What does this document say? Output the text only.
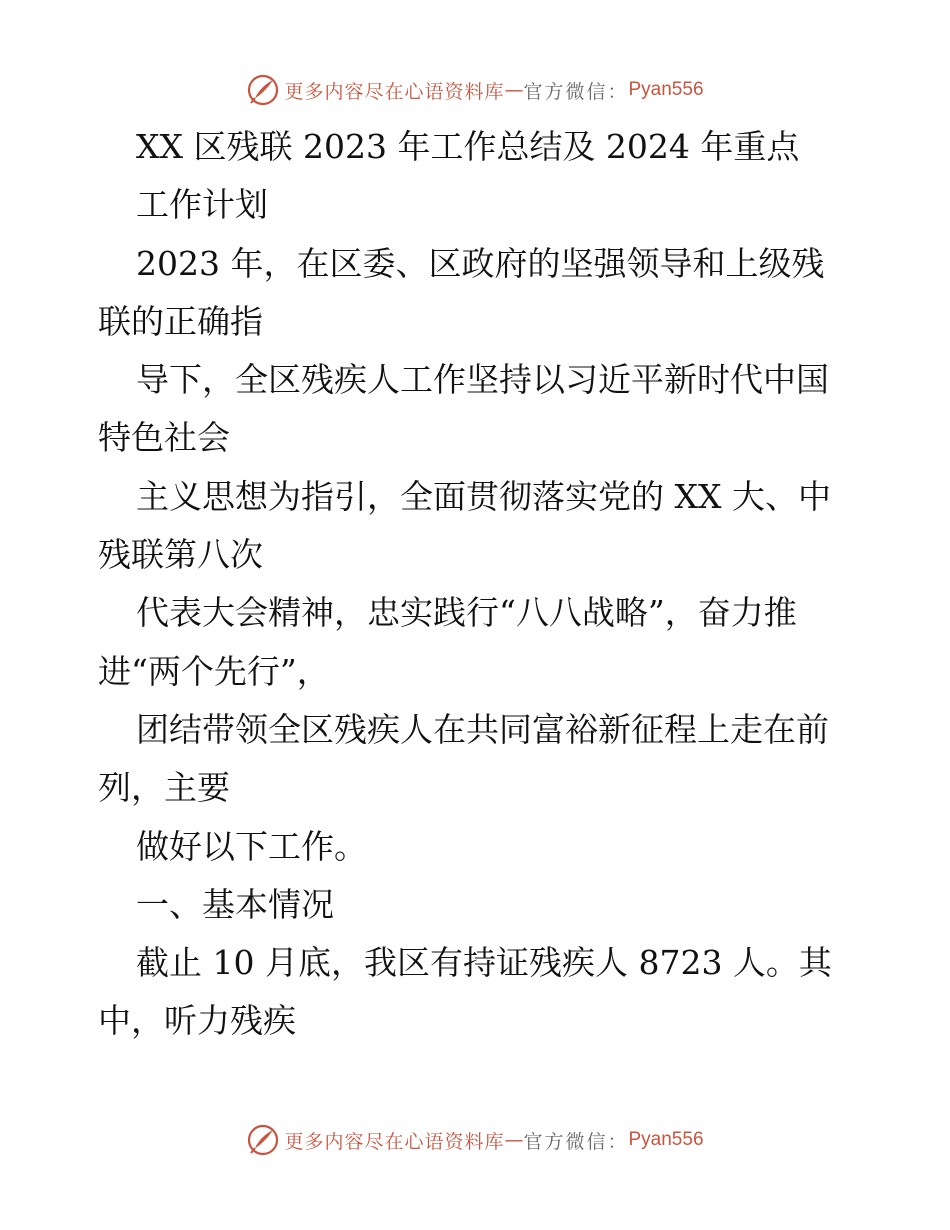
更多内容尽在心语资料库 — 官方微信： Pyan556
XX 区残联 2023 年工作总结及 2024 年重点
工作计划
2023 年，在区委、区政府的坚强领导和上级残
联的正确指
导下，全区残疾人工作坚持以习近平新时代中国
特色社会
主义思想为指引，全面贯彻落实党的 XX 大、中
残联第八次
代表大会精神，忠实践行“八八战略”，奋力推
进“两个先行”，
团结带领全区残疾人在共同富裕新征程上走在前
列，主要
做好以下工作。
一、基本情况
截止 10 月底，我区有持证残疾人 8723 人。其
中，听力残疾
更多内容尽在心语资料库 — 官方微信： Pyan556
